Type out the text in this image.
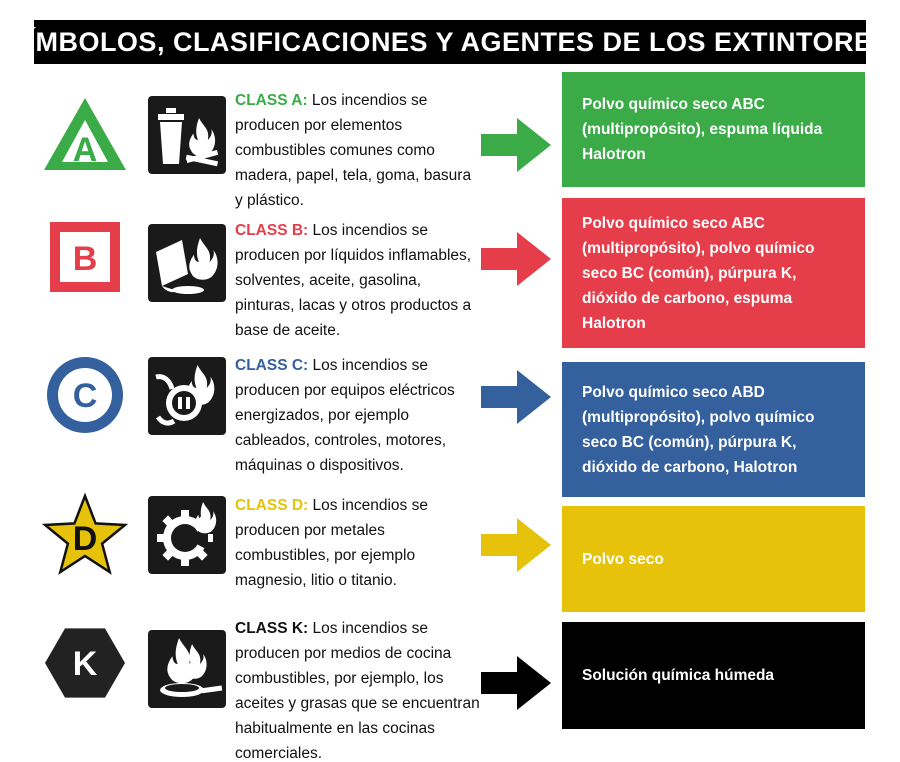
SÍMBOLOS, CLASIFICACIONES Y AGENTES DE LOS EXTINTORES
A
CLASS A: Los incendios se producen por elementos combustibles comunes como madera, papel, tela, goma, basura y plástico.
Polvo químico seco ABC (multipropósito), espuma líquida Halotron
B
CLASS B: Los incendios se producen por líquidos inflamables, solventes, aceite, gasolina, pinturas, lacas y otros productos a base de aceite.
Polvo químico seco ABC (multipropósito), polvo químico seco BC (común), púrpura K, dióxido de carbono, espuma Halotron
C
CLASS C: Los incendios se producen por equipos eléctricos energizados, por ejemplo cableados, controles, motores, máquinas o dispositivos.
Polvo químico seco ABD (multipropósito), polvo químico seco BC (común), púrpura K, dióxido de carbono, Halotron
D
CLASS D: Los incendios se producen por metales combustibles, por ejemplo magnesio, litio o titanio.
Polvo seco
K
CLASS K: Los incendios se producen por medios de cocina combustibles, por ejemplo, los aceites y grasas que se encuentran habitualmente en las cocinas comerciales.
Solución química húmeda
